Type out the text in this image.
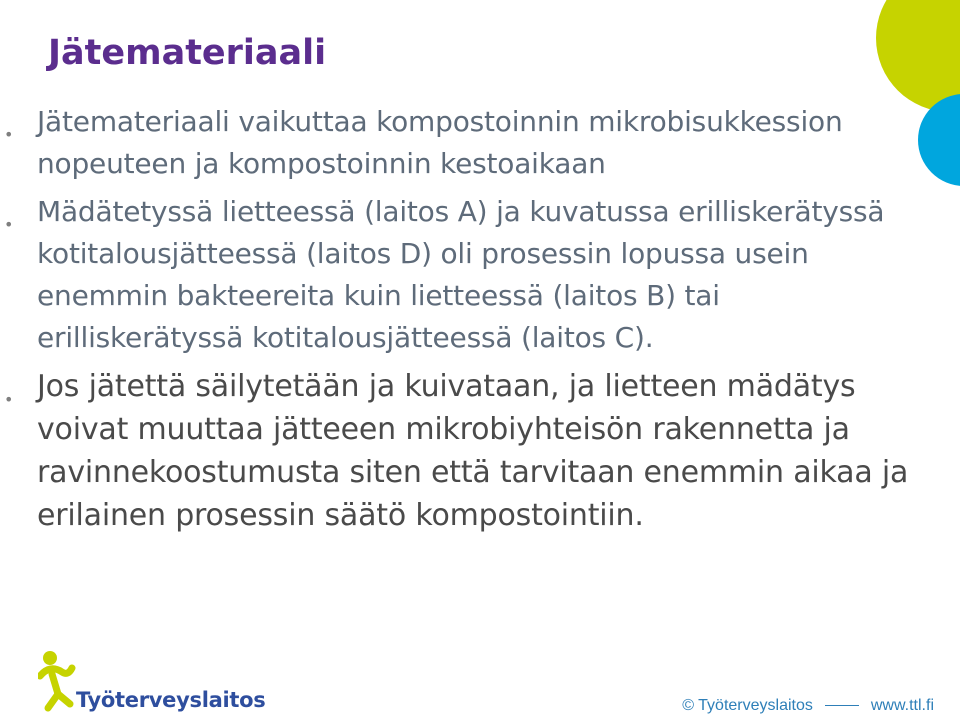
Jätemateriaali
• Jätemateriaali vaikuttaa kompostoinnin mikrobisukkession nopeuteen ja kompostoinnin kestoaikaan
• Mädätetyssä lietteessä (laitos A) ja kuvatussa erilliskerätyssä kotitalousjätteessä (laitos D) oli prosessin lopussa usein enemmin bakteereita kuin lietteessä (laitos B) tai erilliskerätyssä kotitalousjätteessä (laitos C).
• Jos jätettä säilytetään ja kuivataan, ja lietteen mädätys voivat muuttaa jätteeen mikrobiyhteisön rakennetta ja ravinnekoostumusta siten että tarvitaan enemmin aikaa ja erilainen prosessin säätö kompostointiin.
Työterveyslaitos	© Työterveyslaitos	www.ttl.fi
